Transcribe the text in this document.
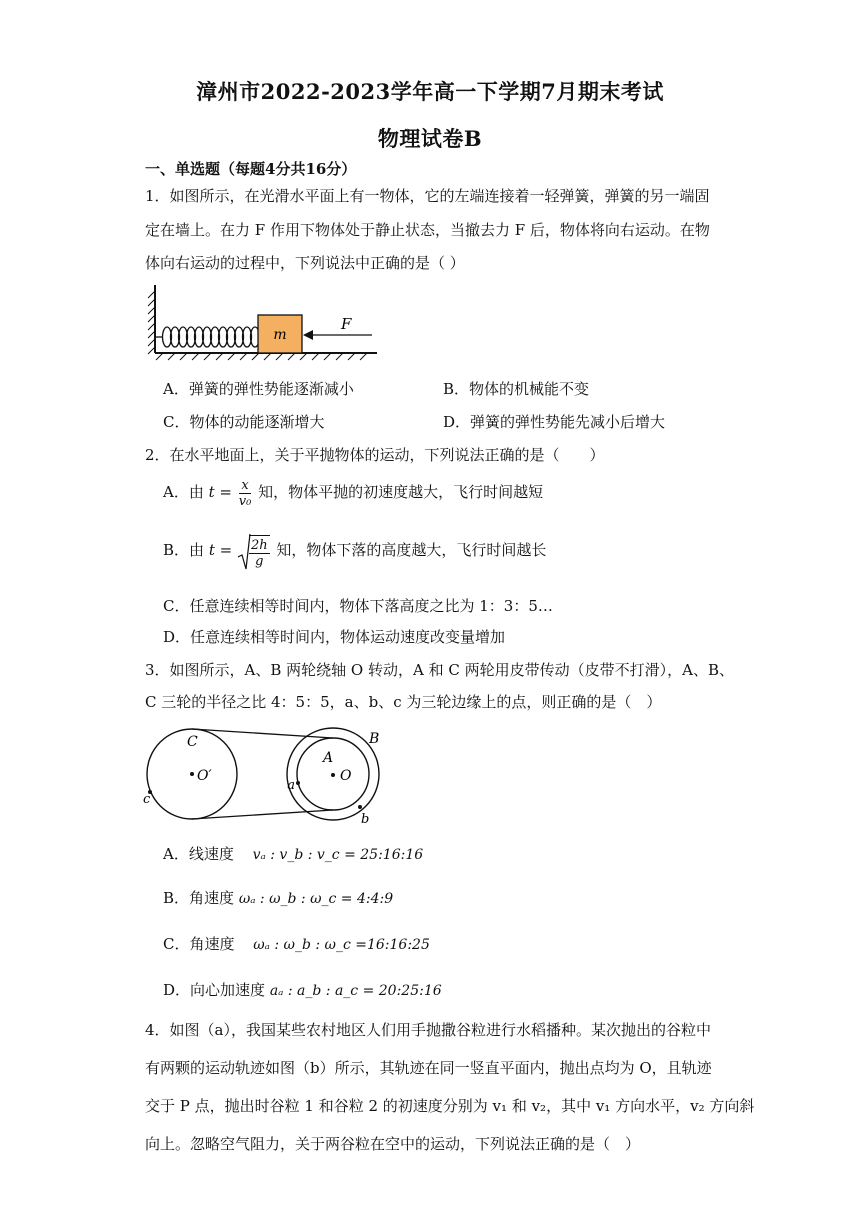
漳州市2022-2023学年高一下学期7月期末考试
物理试卷B
一、单选题（每题4分共16分）
1．如图所示，在光滑水平面上有一物体，它的左端连接着一轻弹簧，弹簧的另一端固
定在墙上。在力 F 作用下物体处于静止状态，当撤去力 F 后，物体将向右运动。在物
体向右运动的过程中，下列说法中正确的是（ ）
m
F
A．弹簧的弹性势能逐渐减小	B．物体的机械能不变
C．物体的动能逐渐增大	D．弹簧的弹性势能先减小后增大
2．在水平地面上，关于平抛物体的运动，下列说法正确的是（　　）
A．由 $t = \frac{x}{\text{v₀}}$ 知，物体平抛的初速度越大，飞行时间越短
B．由 $t = \frac{2h}{g}$ 知，物体下落的高度越大，飞行时间越长
C．任意连续相等时间内，物体下落高度之比为 1：3：5…
D．任意连续相等时间内，物体运动速度改变量增加
3．如图所示，A、B 两轮绕轴 O 转动，A 和 C 两轮用皮带传动（皮带不打滑），A、B、
C 三轮的半径之比 4：5：5，a、b、c 为三轮边缘上的点，则正确的是（　）
C
O′
c
B
A
O
a
b
A．线速度 vₐ : v_b : v_c = 25:16:16
B．角速度 ωₐ : ω_b : ω_c = 4:4:9
C．角速度 ωₐ : ω_b : ω_c =16:16:25
D．向心加速度 aₐ : a_b : a_c = 20:25:16
4．如图（a），我国某些农村地区人们用手抛撒谷粒进行水稻播种。某次抛出的谷粒中
有两颗的运动轨迹如图（b）所示，其轨迹在同一竖直平面内，抛出点均为 O，且轨迹
交于 P 点，抛出时谷粒 1 和谷粒 2 的初速度分别为 v₁ 和 v₂，其中 v₁ 方向水平，v₂ 方向斜
向上。忽略空气阻力，关于两谷粒在空中的运动，下列说法正确的是（　）
